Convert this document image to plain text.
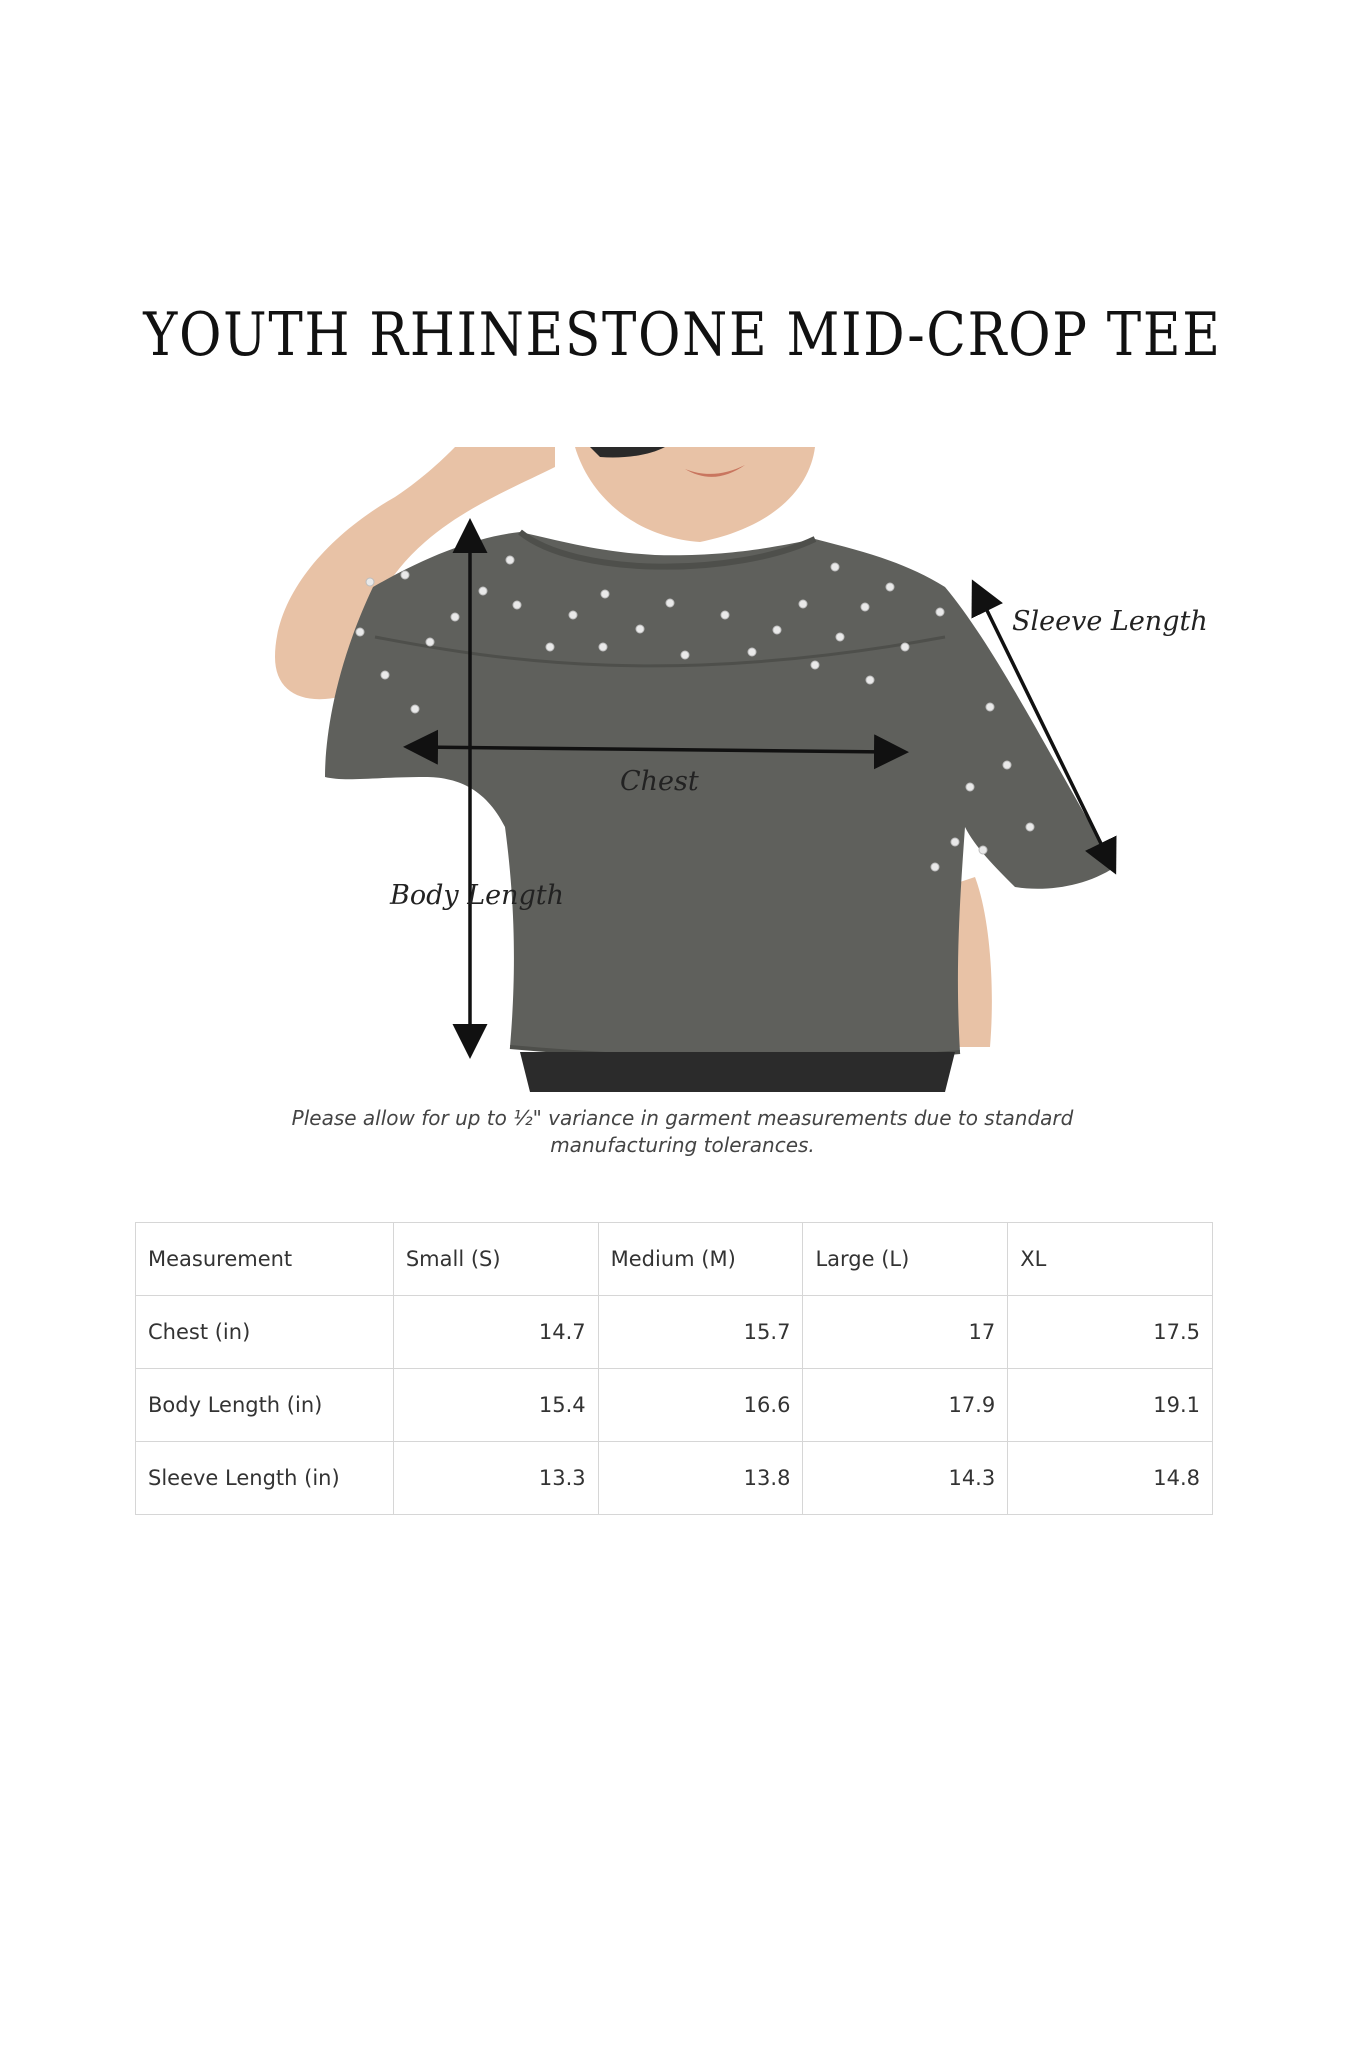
YOUTH RHINESTONE MID-CROP TEE
Sleeve Length
Chest
Body Length
Please allow for up to ½" variance in garment measurements due to standard
manufacturing tolerances.
Measurement	Small (S)	Medium (M)	Large (L)	XL
Chest (in)	14.7	15.7	17	17.5
Body Length (in)	15.4	16.6	17.9	19.1
Sleeve Length (in)	13.3	13.8	14.3	14.8
